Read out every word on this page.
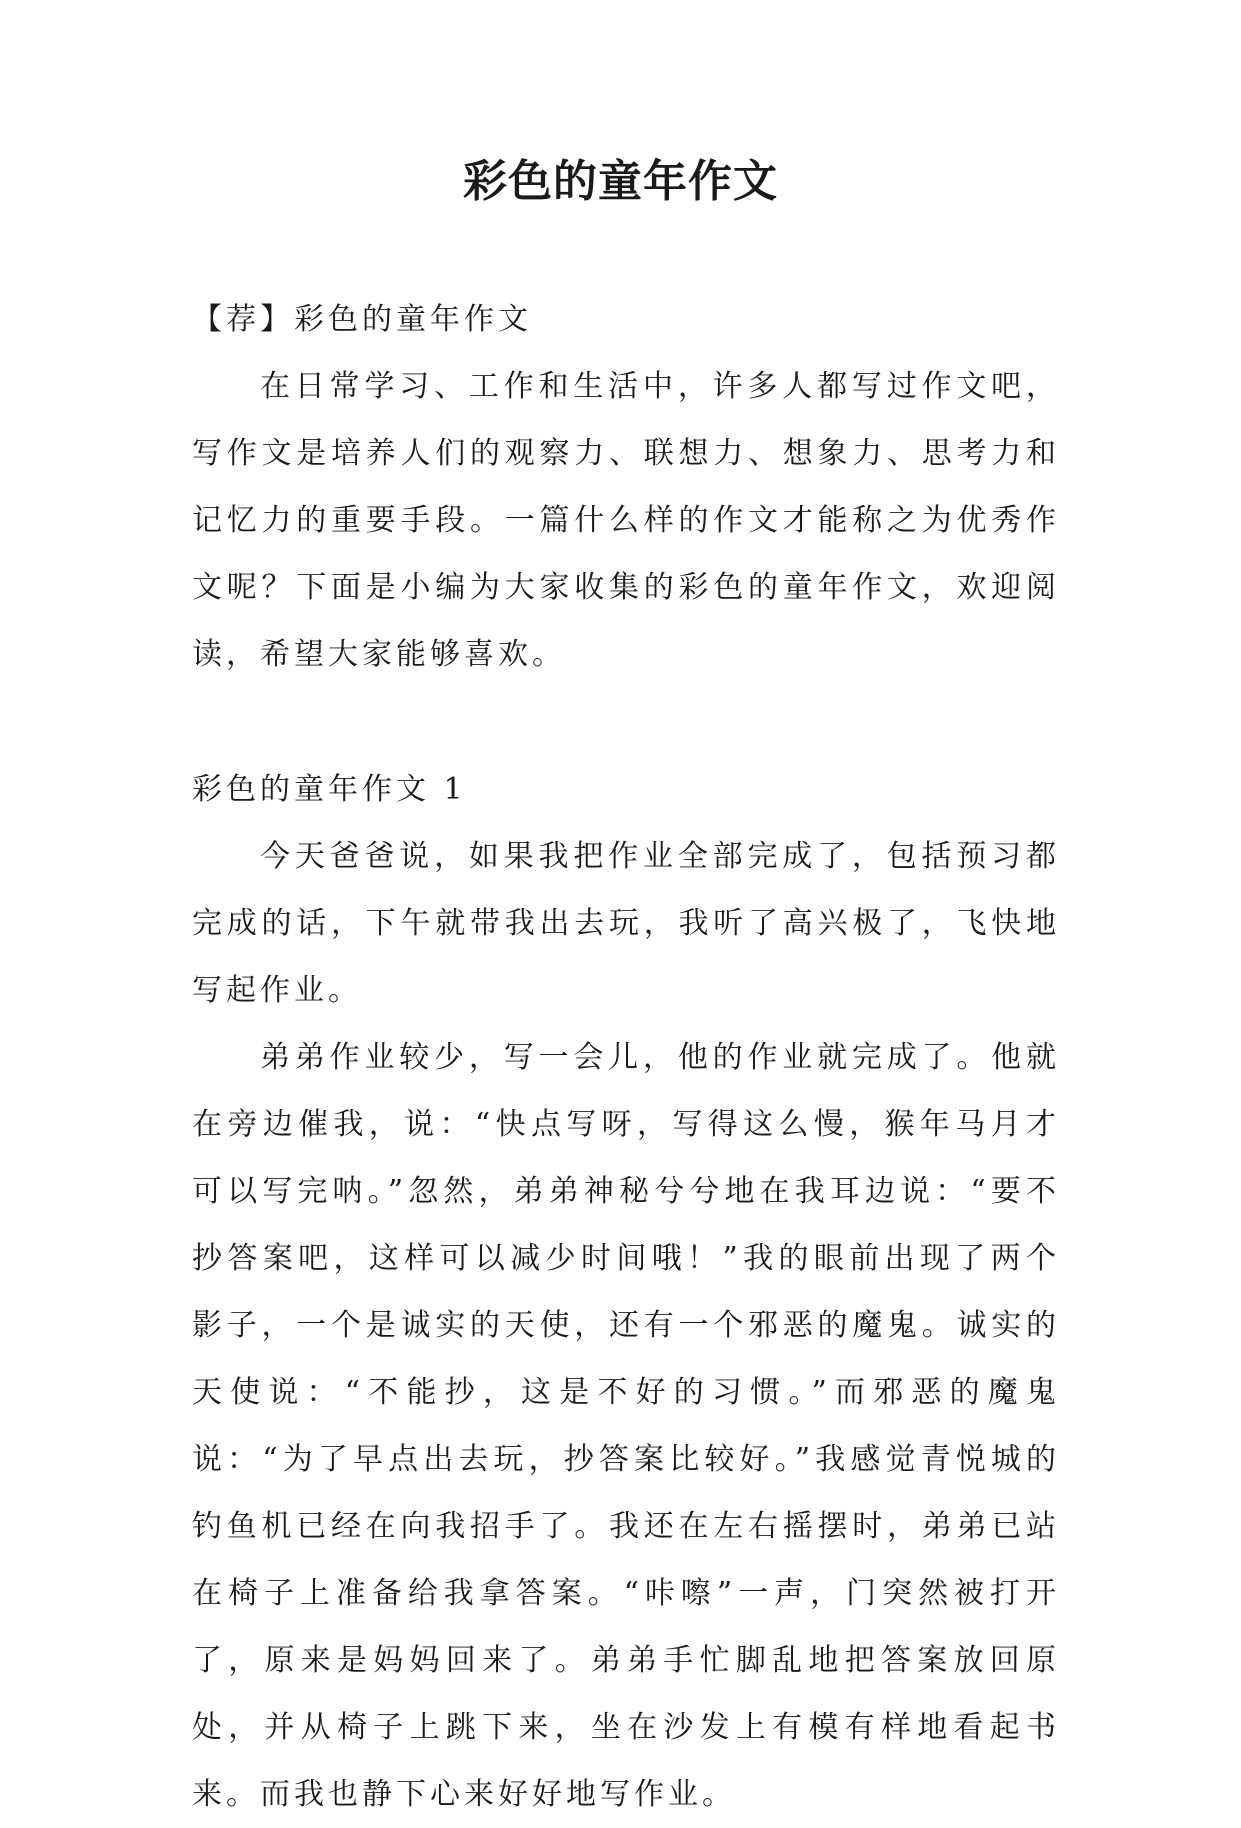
彩色的童年作文

【荐】彩色的童年作文

在日常学习、工作和生活中，许多人都写过作文吧，写作文是培养人们的观察力、联想力、想象力、思考力和记忆力的重要手段。一篇什么样的作文才能称之为优秀作文呢？下面是小编为大家收集的彩色的童年作文，欢迎阅读，希望大家能够喜欢。

彩色的童年作文 1

今天爸爸说，如果我把作业全部完成了，包括预习都完成的话，下午就带我出去玩，我听了高兴极了，飞快地写起作业。

弟弟作业较少，写一会儿，他的作业就完成了。他就在旁边催我，说：“快点写呀，写得这么慢，猴年马月才可以写完呐。”忽然，弟弟神秘兮兮地在我耳边说：“要不抄答案吧，这样可以减少时间哦！”我的眼前出现了两个影子，一个是诚实的天使，还有一个邪恶的魔鬼。诚实的天使说：“不能抄，这是不好的习惯。”而邪恶的魔鬼说：“为了早点出去玩，抄答案比较好。”我感觉青悦城的钓鱼机已经在向我招手了。我还在左右摇摆时，弟弟已站在椅子上准备给我拿答案。“咔嚓”一声，门突然被打开了，原来是妈妈回来了。弟弟手忙脚乱地把答案放回原处，并从椅子上跳下来，坐在沙发上有模有样地看起书来。而我也静下心来好好地写作业。
